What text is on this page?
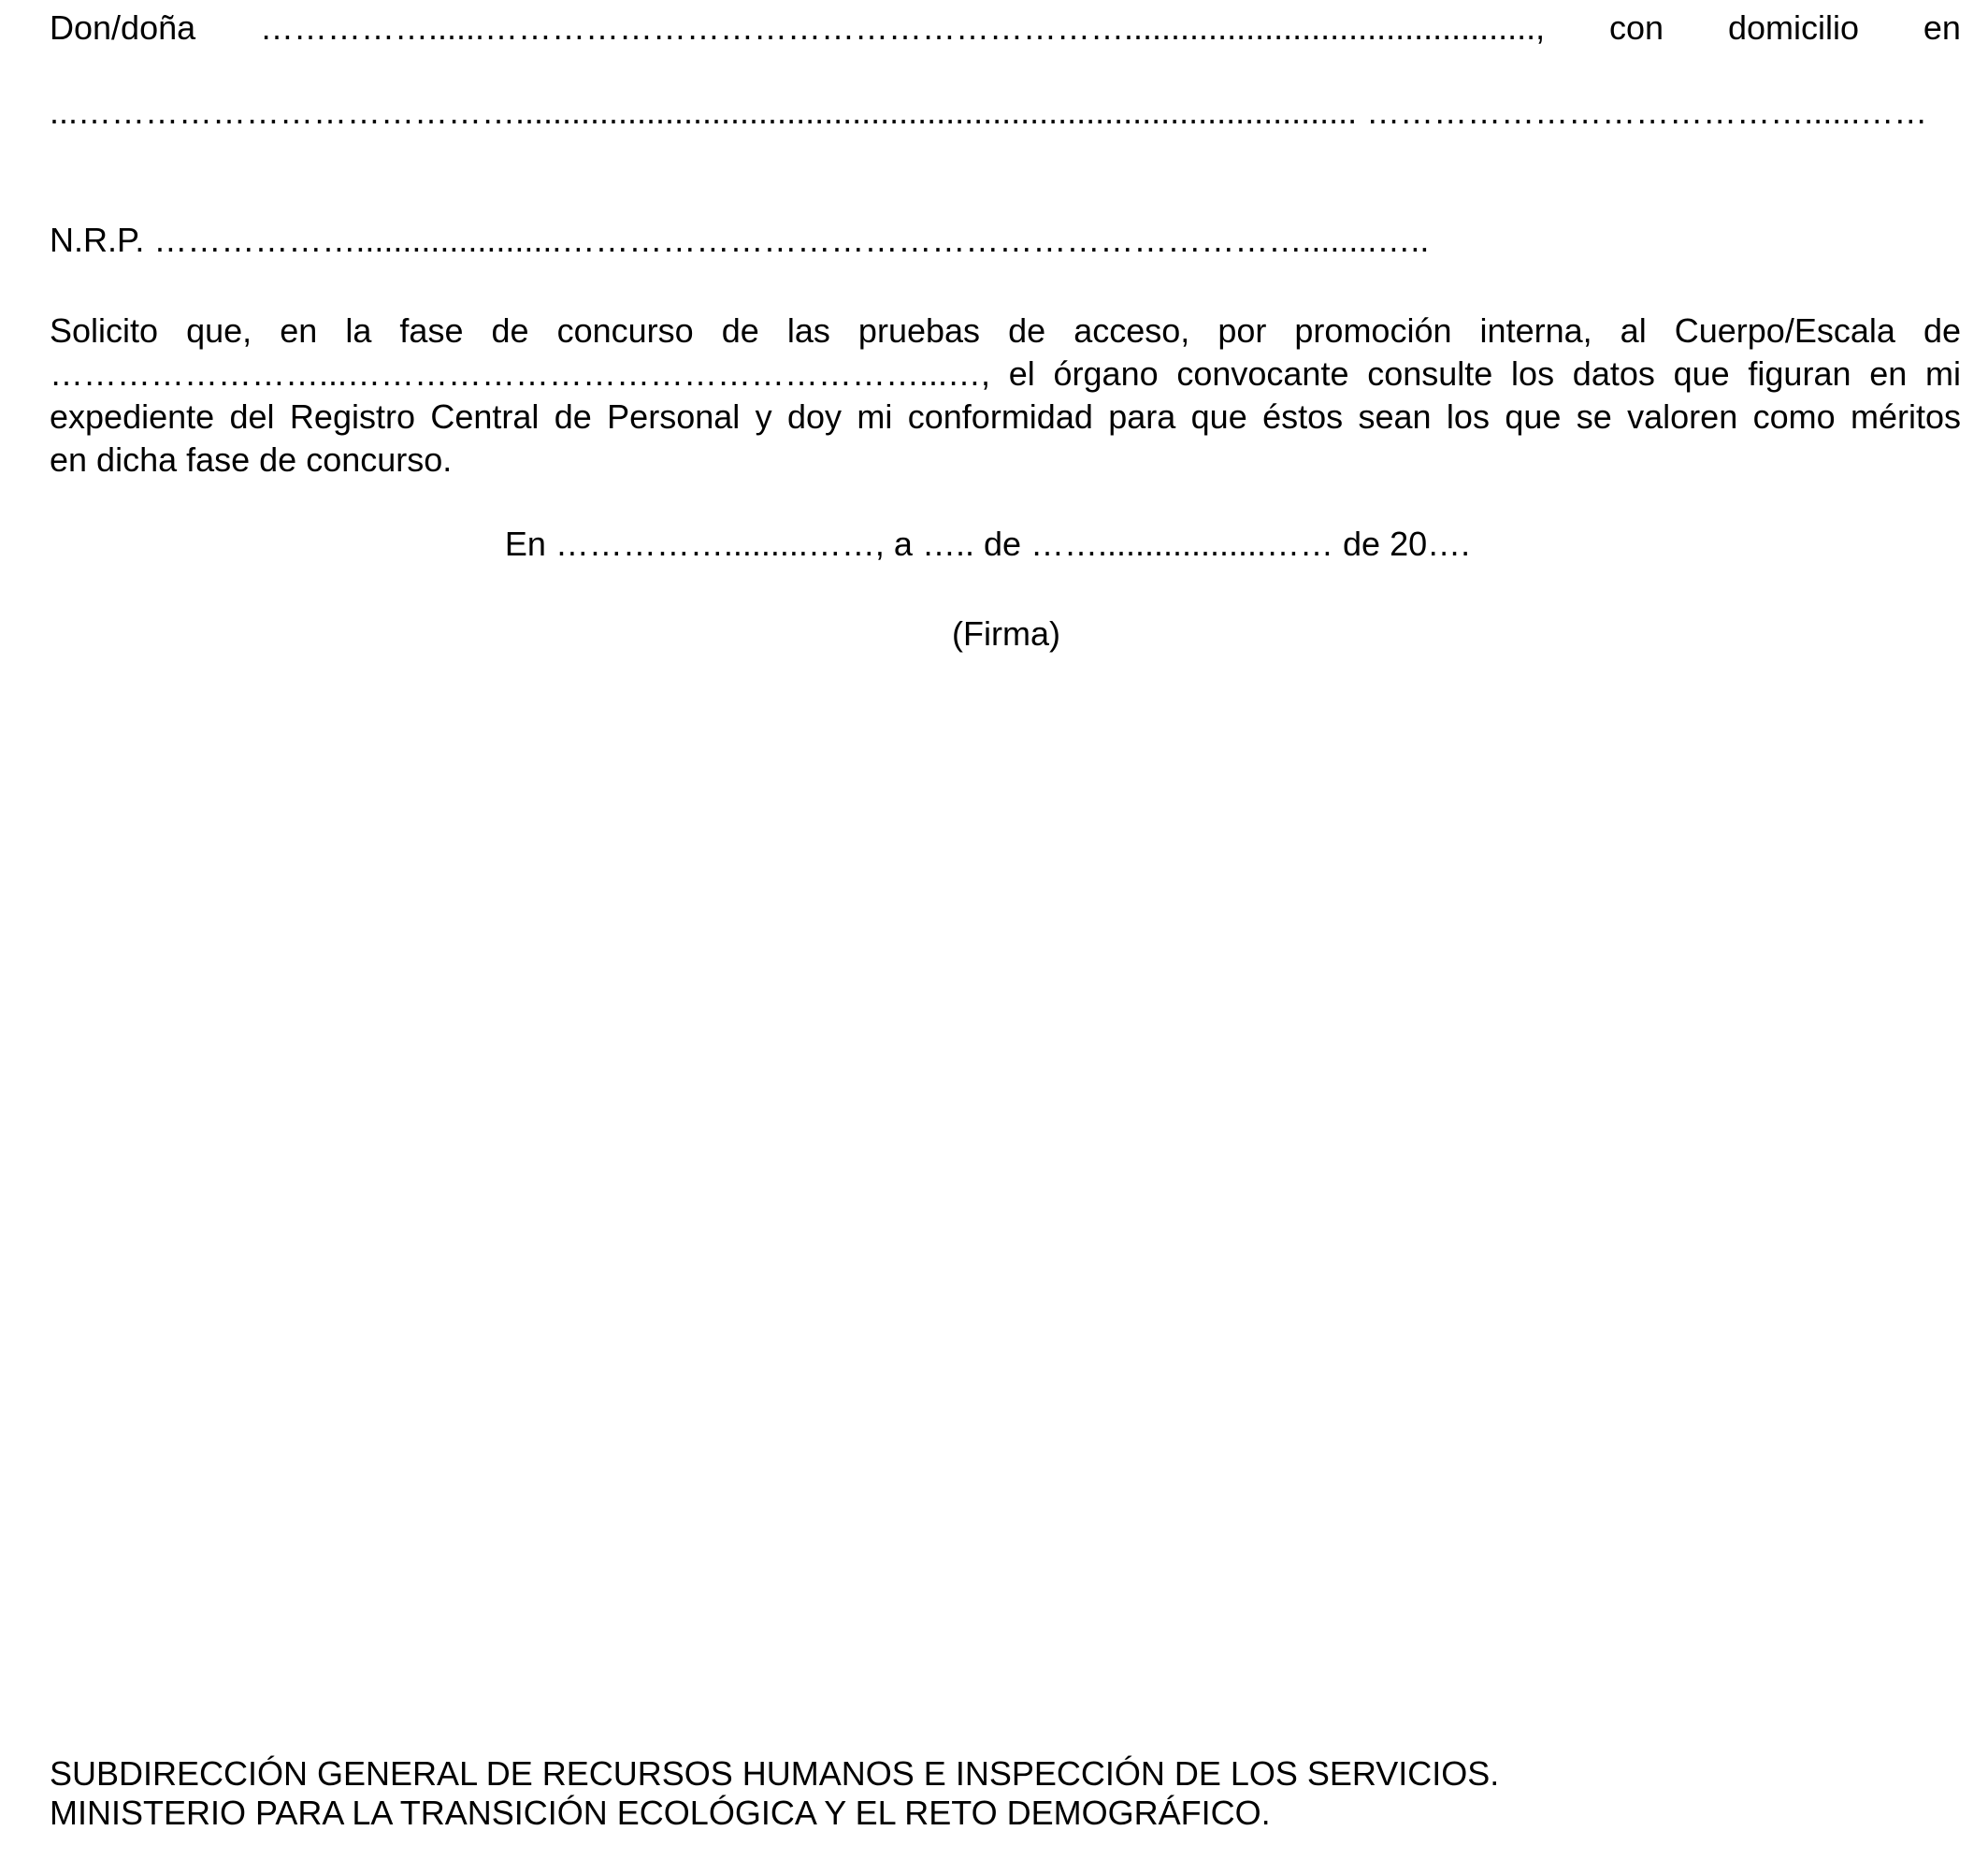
Don/doña ……………......…………………………………………………............................................, con domicilio en
...………………………………….......................................................................................... …………………………………......……
N.R.P. ………………......................…………………………………………………………........…..
Solicito que, en la fase de concurso de las pruebas de acceso, por promoción interna, al Cuerpo/Escala de
……………………...……………………………………………...…, el órgano convocante consulte los datos que figuran en mi
expediente del Registro Central de Personal y doy mi conformidad para que éstos sean los que se valoren como méritos
en dicha fase de concurso.
En …………….........……, a ….. de ……..................…… de 20….
(Firma)
SUBDIRECCIÓN GENERAL DE RECURSOS HUMANOS E INSPECCIÓN DE LOS SERVICIOS.
MINISTERIO PARA LA TRANSICIÓN ECOLÓGICA Y EL RETO DEMOGRÁFICO.
